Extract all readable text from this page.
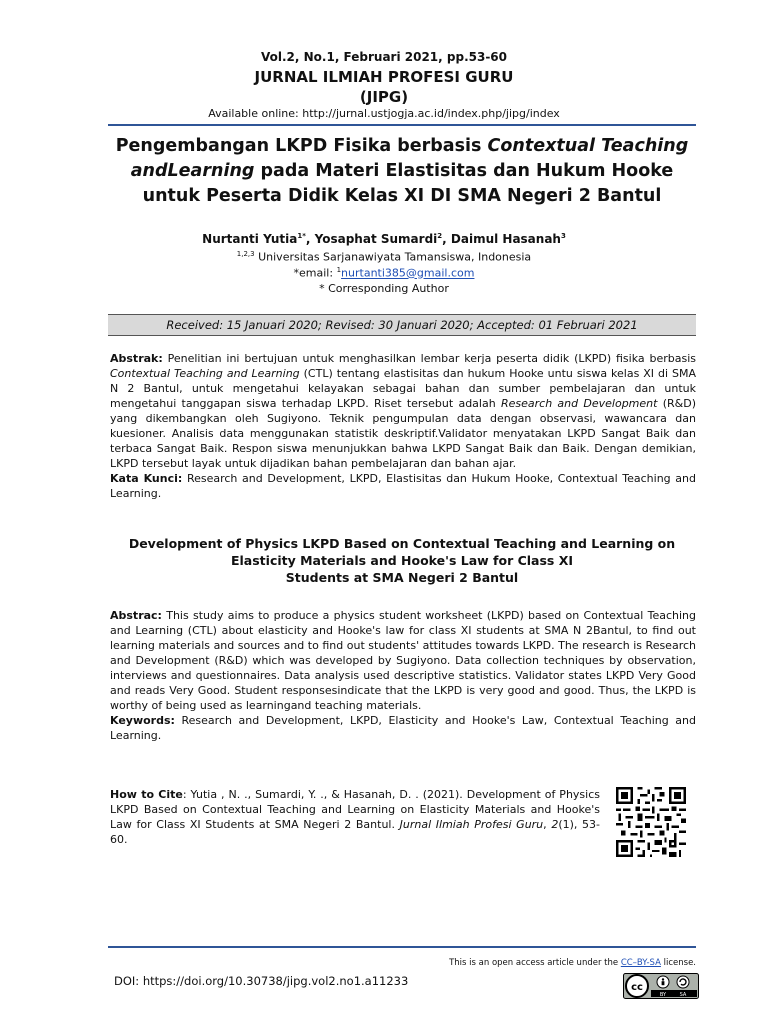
Vol.2, No.1, Februari 2021, pp.53-60
JURNAL ILMIAH PROFESI GURU
(JIPG)
Available online: http://jurnal.ustjogja.ac.id/index.php/jipg/index
Pengembangan LKPD Fisika berbasis Contextual Teaching andLearning pada Materi Elastisitas dan Hukum Hooke untuk Peserta Didik Kelas XI DI SMA Negeri 2 Bantul
Nurtanti Yutia$^{1*}$, Yosaphat Sumardi$^2$, Daimul Hasanah$^3$
$^{1,2,3}$ Universitas Sarjanawiyata Tamansiswa, Indonesia
*email: $^1$nurtanti385@gmail.com
* Corresponding Author
Received: 15 Januari 2020; Revised: 30 Januari 2020; Accepted: 01 Februari 2021
Abstrak: Penelitian ini bertujuan untuk menghasilkan lembar kerja peserta didik (LKPD) fisika berbasis Contextual Teaching and Learning (CTL) tentang elastisitas dan hukum Hooke untu siswa kelas XI di SMA N 2 Bantul, untuk mengetahui kelayakan sebagai bahan dan sumber pembelajaran dan untuk mengetahui tanggapan siswa terhadap LKPD. Riset tersebut adalah Research and Development (R&D) yang dikembangkan oleh Sugiyono. Teknik pengumpulan data dengan observasi, wawancara dan kuesioner. Analisis data menggunakan statistik deskriptif.Validator menyatakan LKPD Sangat Baik dan terbaca Sangat Baik. Respon siswa menunjukkan bahwa LKPD Sangat Baik dan Baik. Dengan demikian, LKPD tersebut layak untuk dijadikan bahan pembelajaran dan bahan ajar.
Kata Kunci: Research and Development, LKPD, Elastisitas dan Hukum Hooke, Contextual Teaching and Learning.
Development of Physics LKPD Based on Contextual Teaching and Learning on
Elasticity Materials and Hooke's Law for Class XI
Students at SMA Negeri 2 Bantul
Abstrac: This study aims to produce a physics student worksheet (LKPD) based on Contextual Teaching and Learning (CTL) about elasticity and Hooke's law for class XI students at SMA N 2Bantul, to find out learning materials and sources and to find out students' attitudes towards LKPD. The research is Research and Development (R&D) which was developed by Sugiyono. Data collection techniques by observation, interviews and questionnaires. Data analysis used descriptive statistics. Validator states LKPD Very Good and reads Very Good. Student responsesindicate that the LKPD is very good and good. Thus, the LKPD is worthy of being used as learningand teaching materials.
Keywords: Research and Development, LKPD, Elasticity and Hooke's Law, Contextual Teaching and Learning.
How to Cite: Yutia , N. ., Sumardi, Y. ., & Hasanah, D. . (2021). Development of Physics LKPD Based on Contextual Teaching and Learning on Elasticity Materials and Hooke's Law for Class XI Students at SMA Negeri 2 Bantul. Jurnal Ilmiah Profesi Guru, 2(1), 53-60.
This is an open access article under the CC–BY-SA license.
DOI: https://doi.org/10.30738/jipg.vol2.no1.a11233	cc
BY	SA
